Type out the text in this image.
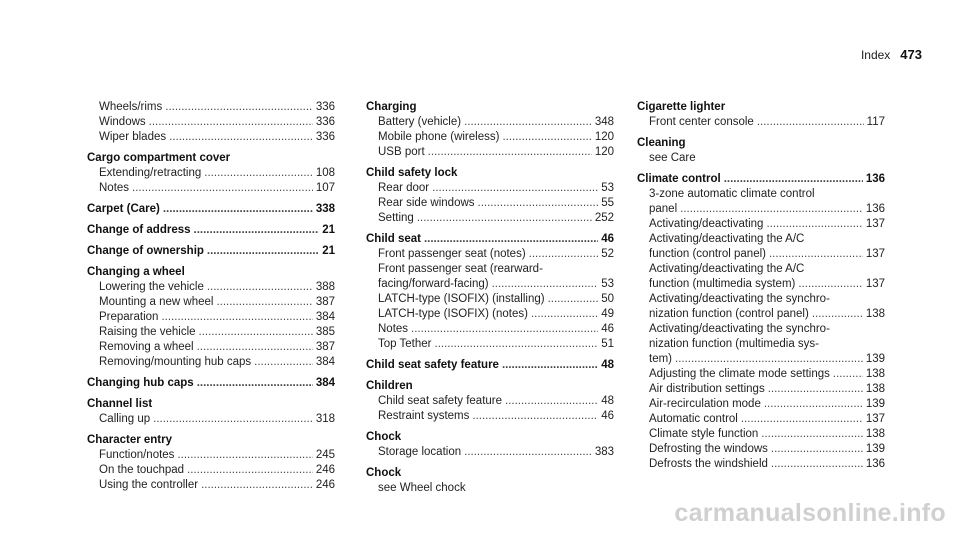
Index 473
Wheels/rims .....	336
Windows .....	336
Wiper blades .....	336
Cargo compartment cover
Extending/retracting .....	108
Notes .....	107
Carpet (Care) .....	338
Change of address .....	21
Change of ownership .....	21
Changing a wheel
Lowering the vehicle .....	388
Mounting a new wheel .....	387
Preparation .....	384
Raising the vehicle .....	385
Removing a wheel .....	387
Removing/mounting hub caps .....	384
Changing hub caps .....	384
Channel list
Calling up .....	318
Character entry
Function/notes .....	245
On the touchpad .....	246
Using the controller .....	246
Charging
Battery (vehicle) .....	348
Mobile phone (wireless) .....	120
USB port .....	120
Child safety lock
Rear door .....	53
Rear side windows .....	55
Setting .....	252
Child seat .....	46
Front passenger seat (notes) .....	52
Front passenger seat (rearward-
facing/forward-facing) .....	53
LATCH-type (ISOFIX) (installing) .....	50
LATCH-type (ISOFIX) (notes) .....	49
Notes .....	46
Top Tether .....	51
Child seat safety feature .....	48
Children
Child seat safety feature .....	48
Restraint systems .....	46
Chock
Storage location .....	383
Chock
see Wheel chock
Cigarette lighter
Front center console .....	117
Cleaning
see Care
Climate control .....	136
3-zone automatic climate control
panel .....	136
Activating/deactivating .....	137
Activating/deactivating the A/C
function (control panel) .....	137
Activating/deactivating the A/C
function (multimedia system) .....	137
Activating/deactivating the synchro-
nization function (control panel) .....	138
Activating/deactivating the synchro-
nization function (multimedia sys-
tem) .....	139
Adjusting the climate mode settings .....	138
Air distribution settings .....	138
Air-recirculation mode .....	139
Automatic control .....	137
Climate style function .....	138
Defrosting the windows .....	139
Defrosts the windshield .....	136
carmanualsonline.info
